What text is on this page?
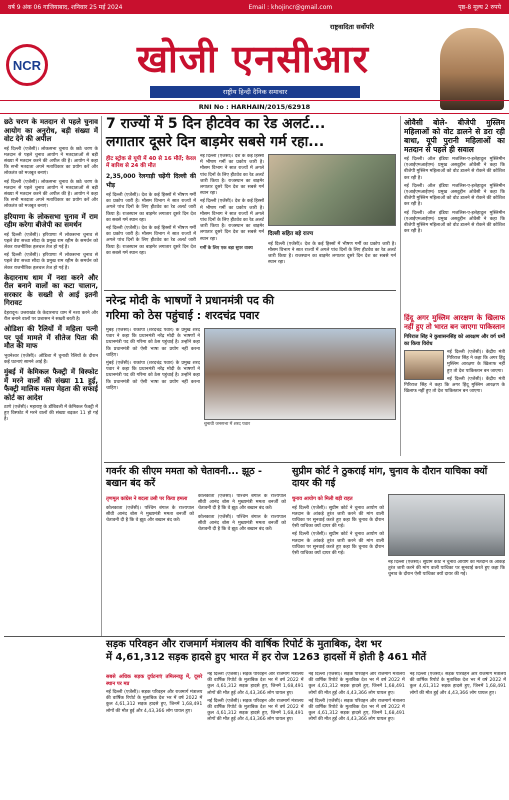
वर्ष 9 अंक 06 गाजियाबाद, शनिवार 25 मई 2024	Email : khojincr@gmail.com	पृष्ठ-8 मूल्य 2 रुपये
NCR
राष्ट्रवादिता सर्वोपरि
खोजी एनसीआर
राष्ट्रीय हिन्दी दैनिक समाचार
RNI No : HARHAIN/2015/62918
छठे चरण के मतदान से पहले चुनाव आयोग का अनुरोध, बड़ी संख्या में वोट देने की अपील

नई दिल्ली (एजेंसी)। लोकसभा चुनाव के छठे चरण के मतदान से पहले चुनाव आयोग ने मतदाताओं से बड़ी संख्या में मतदान करने की अपील की है। आयोग ने कहा कि सभी मतदाता अपने मताधिकार का प्रयोग करें और लोकतंत्र को मजबूत बनाएं।

नई दिल्ली (एजेंसी)। लोकसभा चुनाव के छठे चरण के मतदान से पहले चुनाव आयोग ने मतदाताओं से बड़ी संख्या में मतदान करने की अपील की है। आयोग ने कहा कि सभी मतदाता अपने मताधिकार का प्रयोग करें और लोकतंत्र को मजबूत बनाएं।

हरियाणा के लोकसभा चुनाव में राम रहीम करेगा बीजेपी का समर्थन

नई दिल्ली (एजेंसी)। हरियाणा में लोकसभा चुनाव से पहले डेरा सच्चा सौदा के प्रमुख राम रहीम के समर्थन को लेकर राजनीतिक हलचल तेज हो गई है।

नई दिल्ली (एजेंसी)। हरियाणा में लोकसभा चुनाव से पहले डेरा सच्चा सौदा के प्रमुख राम रहीम के समर्थन को लेकर राजनीतिक हलचल तेज हो गई है।

केदारनाथ धाम में नशा करने और रील बनाने वालों का कटा चालान, सरकार के सख्ती से आई इतनी गिरावट

देहरादून। उत्तराखंड के केदारनाथ धाम में नशा करने और रील बनाने वालों पर प्रशासन ने सख्ती बरती है।

ओडिशा की रैलियों में महिला पत्नी पर पूर्व मामले में सीतेज पिता की मौत की माफ

भुवनेश्वर (एजेंसी)। ओडिशा में चुनावी रैलियों के दौरान कई घटनाएं सामने आई हैं।

मुंबई में केमिकल फैक्ट्री में विस्फोट में मरने वालों की संख्या 11 हुई, फैक्ट्री मालिक मलय मेहता की सफाई कोर्ट का आदेश

ठाणे (एजेंसी)। महाराष्ट्र के डोंबिवली में केमिकल फैक्ट्री में हुए विस्फोट में मरने वालों की संख्या बढ़कर 11 हो गई है।

7 राज्यों में 5 दिन हीटवेव का रेड अलर्ट...
लगातार दूसरे दिन बाड़मेर सबसे गर्म रहा...
हीट स्ट्रोक से यूपी में 40 से 16 मौतें; केरल में बारिश से 24 की मौत
2,35,000 रेलगाड़ी चढ़ेंगी दिल्ली की भीड़

नई दिल्ली (एजेंसी)। देश के कई हिस्सों में भीषण गर्मी का प्रकोप जारी है। मौसम विभाग ने सात राज्यों में अगले पांच दिनों के लिए हीटवेव का रेड अलर्ट जारी किया है। राजस्थान का बाड़मेर लगातार दूसरे दिन देश का सबसे गर्म स्थान रहा।

नई दिल्ली (एजेंसी)। देश के कई हिस्सों में भीषण गर्मी का प्रकोप जारी है। मौसम विभाग ने सात राज्यों में अगले पांच दिनों के लिए हीटवेव का रेड अलर्ट जारी किया है। राजस्थान का बाड़मेर लगातार दूसरे दिन देश का सबसे गर्म स्थान रहा।

नई दिल्ली (एजेंसी)। देश के कई हिस्सों में भीषण गर्मी का प्रकोप जारी है। मौसम विभाग ने सात राज्यों में अगले पांच दिनों के लिए हीटवेव का रेड अलर्ट जारी किया है। राजस्थान का बाड़मेर लगातार दूसरे दिन देश का सबसे गर्म स्थान रहा।

नई दिल्ली (एजेंसी)। देश के कई हिस्सों में भीषण गर्मी का प्रकोप जारी है। मौसम विभाग ने सात राज्यों में अगले पांच दिनों के लिए हीटवेव का रेड अलर्ट जारी किया है। राजस्थान का बाड़मेर लगातार दूसरे दिन देश का सबसे गर्म स्थान रहा।

गर्मी के लिए एक बड़ा सुपर वाक्य
दिल्ली सहित बड़े राज्य

नई दिल्ली (एजेंसी)। देश के कई हिस्सों में भीषण गर्मी का प्रकोप जारी है। मौसम विभाग ने सात राज्यों में अगले पांच दिनों के लिए हीटवेव का रेड अलर्ट जारी किया है। राजस्थान का बाड़मेर लगातार दूसरे दिन देश का सबसे गर्म स्थान रहा।

ओवैसी बोले- बीजेपी मुस्लिम महिलाओं को वोट डालने से डरा रही बाधा, यूपी पुरानी महिलाओं का मतदान से पहले ही सवाल

नई दिल्ली। ऑल इंडिया मजलिस-ए-इत्तेहादुल मुस्लिमीन (एआईएमआईएम) प्रमुख असदुद्दीन ओवैसी ने कहा कि बीजेपी मुस्लिम महिलाओं को वोट डालने से रोकने की कोशिश कर रही है।

नई दिल्ली। ऑल इंडिया मजलिस-ए-इत्तेहादुल मुस्लिमीन (एआईएमआईएम) प्रमुख असदुद्दीन ओवैसी ने कहा कि बीजेपी मुस्लिम महिलाओं को वोट डालने से रोकने की कोशिश कर रही है।

नई दिल्ली। ऑल इंडिया मजलिस-ए-इत्तेहादुल मुस्लिमीन (एआईएमआईएम) प्रमुख असदुद्दीन ओवैसी ने कहा कि बीजेपी मुस्लिम महिलाओं को वोट डालने से रोकने की कोशिश कर रही है।

नरेन्द्र मोदी के भाषणों ने प्रधानमंत्री पद की
गरिमा को ठेस पहुंचाई : शरदचंद्र पवार

मुंबई (एजेंसी)। राकांपा (शरदचंद्र पवार) के प्रमुख शरद पवार ने कहा कि प्रधानमंत्री नरेंद्र मोदी के भाषणों ने प्रधानमंत्री पद की गरिमा को ठेस पहुंचाई है। उन्होंने कहा कि प्रधानमंत्री को ऐसी भाषा का प्रयोग नहीं करना चाहिए।

मुंबई (एजेंसी)। राकांपा (शरदचंद्र पवार) के प्रमुख शरद पवार ने कहा कि प्रधानमंत्री नरेंद्र मोदी के भाषणों ने प्रधानमंत्री पद की गरिमा को ठेस पहुंचाई है। उन्होंने कहा कि प्रधानमंत्री को ऐसी भाषा का प्रयोग नहीं करना चाहिए।

चुनावी जनसभा में शरद पवार
हिंदू अगर मुस्लिम आरक्षण के खिलाफ नहीं हुए तो भारत बन जाएगा पाकिस्तान
गिरिराज सिंह ने कुशासनसिंह को आरक्षण और वर्ग धर्मों का किया विरोध

नई दिल्ली (एजेंसी)। केंद्रीय मंत्री गिरिराज सिंह ने कहा कि अगर हिंदू मुस्लिम आरक्षण के खिलाफ नहीं हुए तो देश पाकिस्तान बन जाएगा।

नई दिल्ली (एजेंसी)। केंद्रीय मंत्री गिरिराज सिंह ने कहा कि अगर हिंदू मुस्लिम आरक्षण के खिलाफ नहीं हुए तो देश पाकिस्तान बन जाएगा।

गवर्नर की सीएम ममता को चेतावनी... झूठ - बखान बंद करें
तृणमूल कांग्रेस ने बदला उसी पर किया हमला

कोलकाता (एजेंसी)। पश्चिम बंगाल के राज्यपाल सीवी आनंद बोस ने मुख्यमंत्री ममता बनर्जी को चेतावनी दी है कि वे झूठ और बखान बंद करें।

कोलकाता (एजेंसी)। पश्चिम बंगाल के राज्यपाल सीवी आनंद बोस ने मुख्यमंत्री ममता बनर्जी को चेतावनी दी है कि वे झूठ और बखान बंद करें।

कोलकाता (एजेंसी)। पश्चिम बंगाल के राज्यपाल सीवी आनंद बोस ने मुख्यमंत्री ममता बनर्जी को चेतावनी दी है कि वे झूठ और बखान बंद करें।

सुप्रीम कोर्ट ने ठुकराई मांग, चुनाव के दौरान याचिका क्यों दायर की गई
चुनाव आयोग को मिली बड़ी राहत

नई दिल्ली (एजेंसी)। सुप्रीम कोर्ट ने चुनाव आयोग को मतदान के आंकड़े तुरंत जारी करने की मांग वाली याचिका पर सुनवाई करते हुए कहा कि चुनाव के दौरान ऐसी याचिका क्यों दायर की गई।

नई दिल्ली (एजेंसी)। सुप्रीम कोर्ट ने चुनाव आयोग को मतदान के आंकड़े तुरंत जारी करने की मांग वाली याचिका पर सुनवाई करते हुए कहा कि चुनाव के दौरान ऐसी याचिका क्यों दायर की गई।

नई दिल्ली (एजेंसी)। सुप्रीम कोर्ट ने चुनाव आयोग को मतदान के आंकड़े तुरंत जारी करने की मांग वाली याचिका पर सुनवाई करते हुए कहा कि चुनाव के दौरान ऐसी याचिका क्यों दायर की गई।

सड़क परिवहन और राजमार्ग मंत्रालय की वार्षिक रिपोर्ट के मुताबिक, देश भर
में 4,61,312 सड़क हादसे हुए भारत में हर रोज 1263 हादसों में होती है 461 मौतें
सबसे अधिक सड़क दुर्घटनाएं तमिलनाडु में, दूसरे स्थान पर मप्र

नई दिल्ली (एजेंसी)। सड़क परिवहन और राजमार्ग मंत्रालय की वार्षिक रिपोर्ट के मुताबिक देश भर में वर्ष 2022 में कुल 4,61,312 सड़क हादसे हुए, जिनमें 1,68,491 लोगों की मौत हुई और 4,43,366 लोग घायल हुए।

नई दिल्ली (एजेंसी)। सड़क परिवहन और राजमार्ग मंत्रालय की वार्षिक रिपोर्ट के मुताबिक देश भर में वर्ष 2022 में कुल 4,61,312 सड़क हादसे हुए, जिनमें 1,68,491 लोगों की मौत हुई और 4,43,366 लोग घायल हुए।

नई दिल्ली (एजेंसी)। सड़क परिवहन और राजमार्ग मंत्रालय की वार्षिक रिपोर्ट के मुताबिक देश भर में वर्ष 2022 में कुल 4,61,312 सड़क हादसे हुए, जिनमें 1,68,491 लोगों की मौत हुई और 4,43,366 लोग घायल हुए।

नई दिल्ली (एजेंसी)। सड़क परिवहन और राजमार्ग मंत्रालय की वार्षिक रिपोर्ट के मुताबिक देश भर में वर्ष 2022 में कुल 4,61,312 सड़क हादसे हुए, जिनमें 1,68,491 लोगों की मौत हुई और 4,43,366 लोग घायल हुए।

नई दिल्ली (एजेंसी)। सड़क परिवहन और राजमार्ग मंत्रालय की वार्षिक रिपोर्ट के मुताबिक देश भर में वर्ष 2022 में कुल 4,61,312 सड़क हादसे हुए, जिनमें 1,68,491 लोगों की मौत हुई और 4,43,366 लोग घायल हुए।

नई दिल्ली (एजेंसी)। सड़क परिवहन और राजमार्ग मंत्रालय की वार्षिक रिपोर्ट के मुताबिक देश भर में वर्ष 2022 में कुल 4,61,312 सड़क हादसे हुए, जिनमें 1,68,491 लोगों की मौत हुई और 4,43,366 लोग घायल हुए।
